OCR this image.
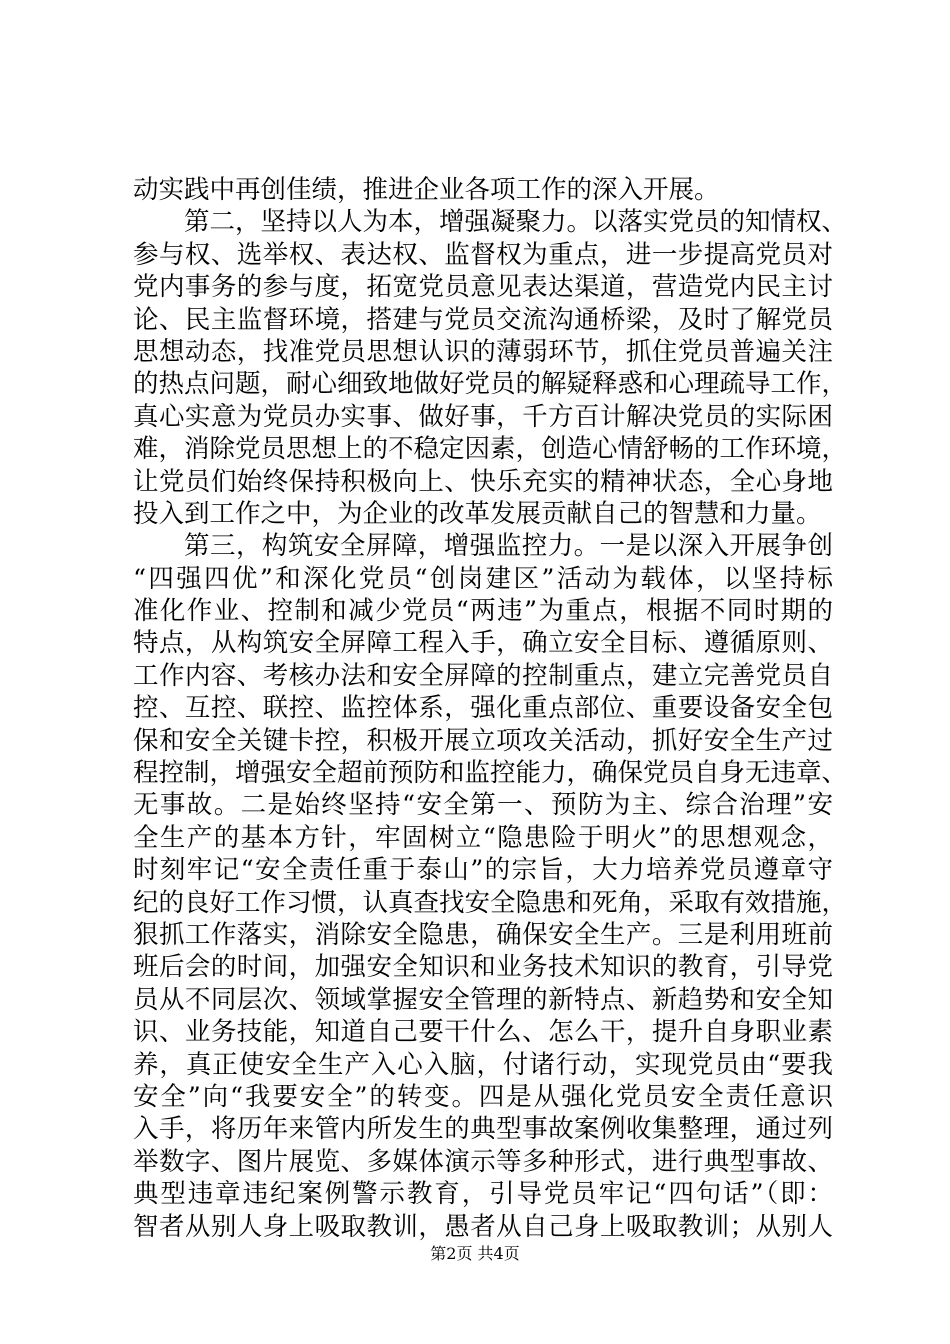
动实践中再创佳绩，推进企业各项工作的深入开展。
第二，坚持以人为本，增强凝聚力。以落实党员的知情权、
参与权、选举权、表达权、监督权为重点，进一步提高党员对
党内事务的参与度，拓宽党员意见表达渠道，营造党内民主讨
论、民主监督环境，搭建与党员交流沟通桥梁，及时了解党员
思想动态，找准党员思想认识的薄弱环节，抓住党员普遍关注
的热点问题，耐心细致地做好党员的解疑释惑和心理疏导工作，
真心实意为党员办实事、做好事，千方百计解决党员的实际困
难，消除党员思想上的不稳定因素，创造心情舒畅的工作环境，
让党员们始终保持积极向上、快乐充实的精神状态，全心身地
投入到工作之中，为企业的改革发展贡献自己的智慧和力量。
第三，构筑安全屏障，增强监控力。一是以深入开展争创
“四强四优”和深化党员“创岗建区”活动为载体，以坚持标
准化作业、控制和减少党员“两违”为重点，根据不同时期的
特点，从构筑安全屏障工程入手，确立安全目标、遵循原则、
工作内容、考核办法和安全屏障的控制重点，建立完善党员自
控、互控、联控、监控体系，强化重点部位、重要设备安全包
保和安全关键卡控，积极开展立项攻关活动，抓好安全生产过
程控制，增强安全超前预防和监控能力，确保党员自身无违章、
无事故。二是始终坚持“安全第一、预防为主、综合治理”安
全生产的基本方针，牢固树立“隐患险于明火”的思想观念，
时刻牢记“安全责任重于泰山”的宗旨，大力培养党员遵章守
纪的良好工作习惯，认真查找安全隐患和死角，采取有效措施，
狠抓工作落实，消除安全隐患，确保安全生产。三是利用班前
班后会的时间，加强安全知识和业务技术知识的教育，引导党
员从不同层次、领域掌握安全管理的新特点、新趋势和安全知
识、业务技能，知道自己要干什么、怎么干，提升自身职业素
养，真正使安全生产入心入脑，付诸行动，实现党员由“要我
安全”向“我要安全”的转变。四是从强化党员安全责任意识
入手，将历年来管内所发生的典型事故案例收集整理，通过列
举数字、图片展览、多媒体演示等多种形式，进行典型事故、
典型违章违纪案例警示教育，引导党员牢记“四句话”（即：
智者从别人身上吸取教训，愚者从自己身上吸取教训；从别人
第2页 共4页
